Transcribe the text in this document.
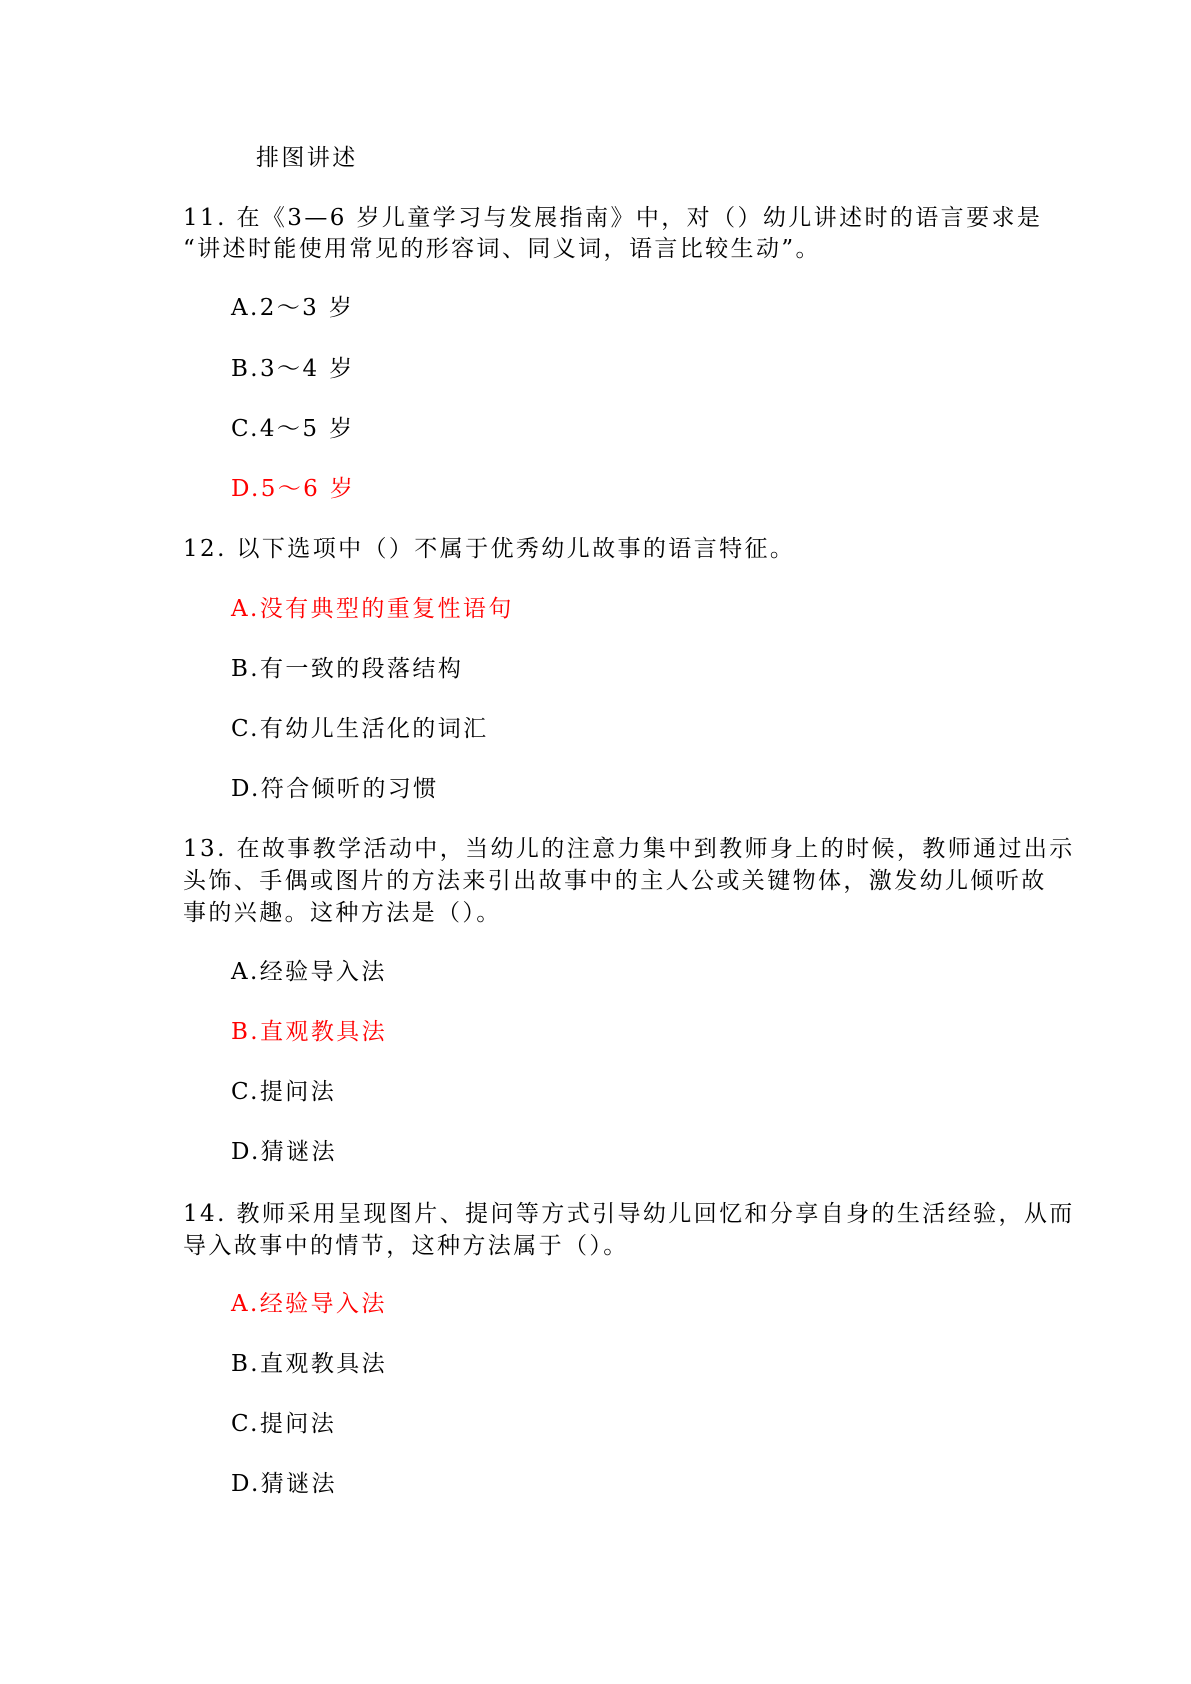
排图讲述
11. 在《3—6 岁儿童学习与发展指南》中，对（）幼儿讲述时的语言要求是
“讲述时能使用常见的形容词、同义词，语言比较生动”。
A.2～3 岁
B.3～4 岁
C.4～5 岁
D.5～6 岁
12. 以下选项中（）不属于优秀幼儿故事的语言特征。
A.没有典型的重复性语句
B.有一致的段落结构
C.有幼儿生活化的词汇
D.符合倾听的习惯
13. 在故事教学活动中，当幼儿的注意力集中到教师身上的时候，教师通过出示
头饰、手偶或图片的方法来引出故事中的主人公或关键物体，激发幼儿倾听故
事的兴趣。这种方法是（）。
A.经验导入法
B.直观教具法
C.提问法
D.猜谜法
14. 教师采用呈现图片、提问等方式引导幼儿回忆和分享自身的生活经验，从而
导入故事中的情节，这种方法属于（）。
A.经验导入法
B.直观教具法
C.提问法
D.猜谜法
